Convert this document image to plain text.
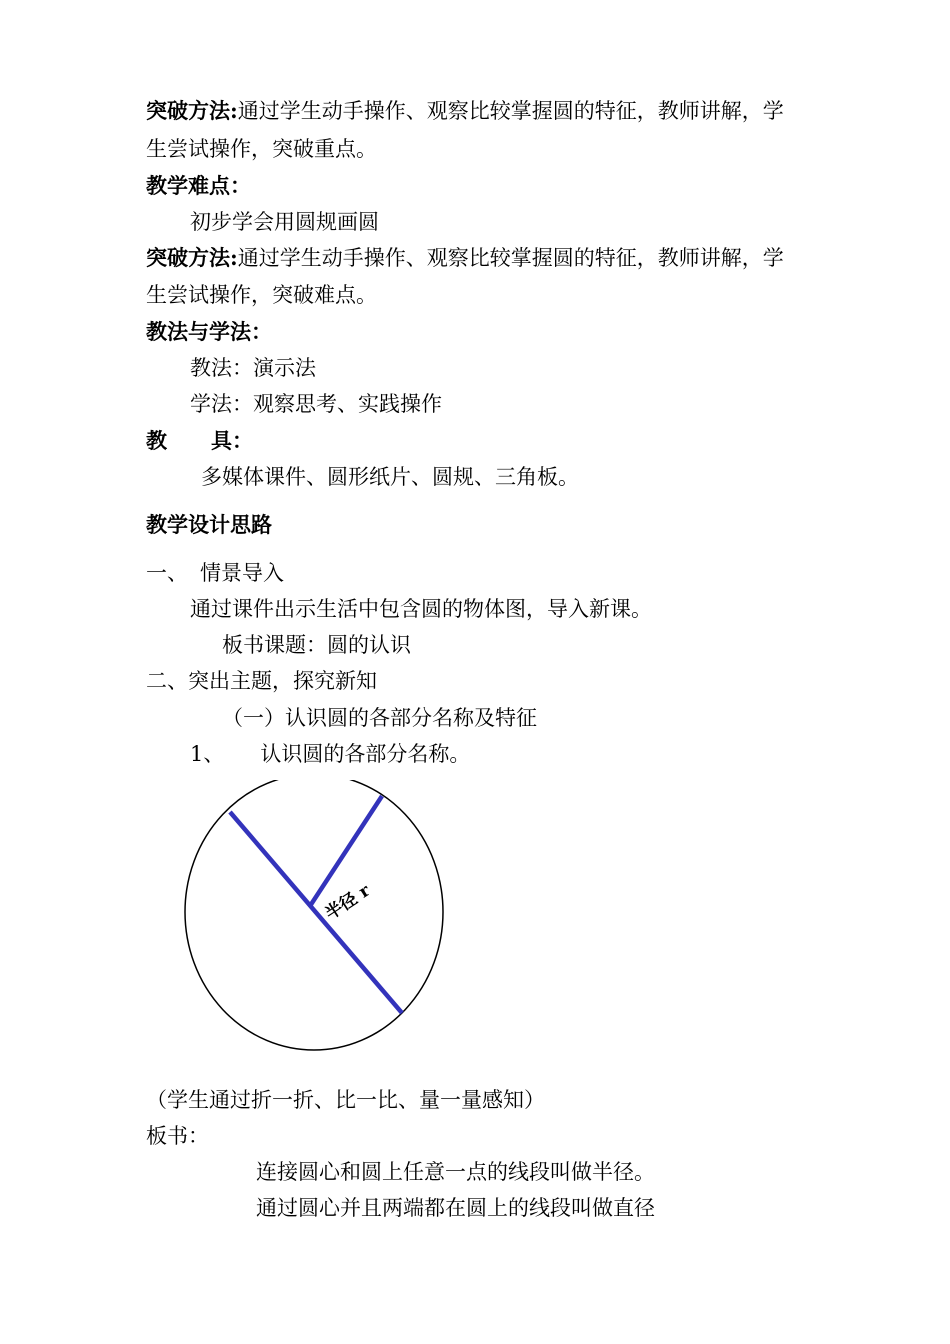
突破方法:通过学生动手操作、观察比较掌握圆的特征，教师讲解，学
生尝试操作，突破重点。
教学难点：
初步学会用圆规画圆
突破方法:通过学生动手操作、观察比较掌握圆的特征，教师讲解，学
生尝试操作，突破难点。
教法与学法：
教法：演示法
学法：观察思考、实践操作
教 具：
多媒体课件、圆形纸片、圆规、三角板。
教学设计思路
一、 情景导入
通过课件出示生活中包含圆的物体图，导入新课。
板书课题：圆的认识
二、突出主题，探究新知
（一）认识圆的各部分名称及特征
1、 认识圆的各部分名称。
半径 r
（学生通过折一折、比一比、量一量感知）
板书：
连接圆心和圆上任意一点的线段叫做半径。
通过圆心并且两端都在圆上的线段叫做直径
